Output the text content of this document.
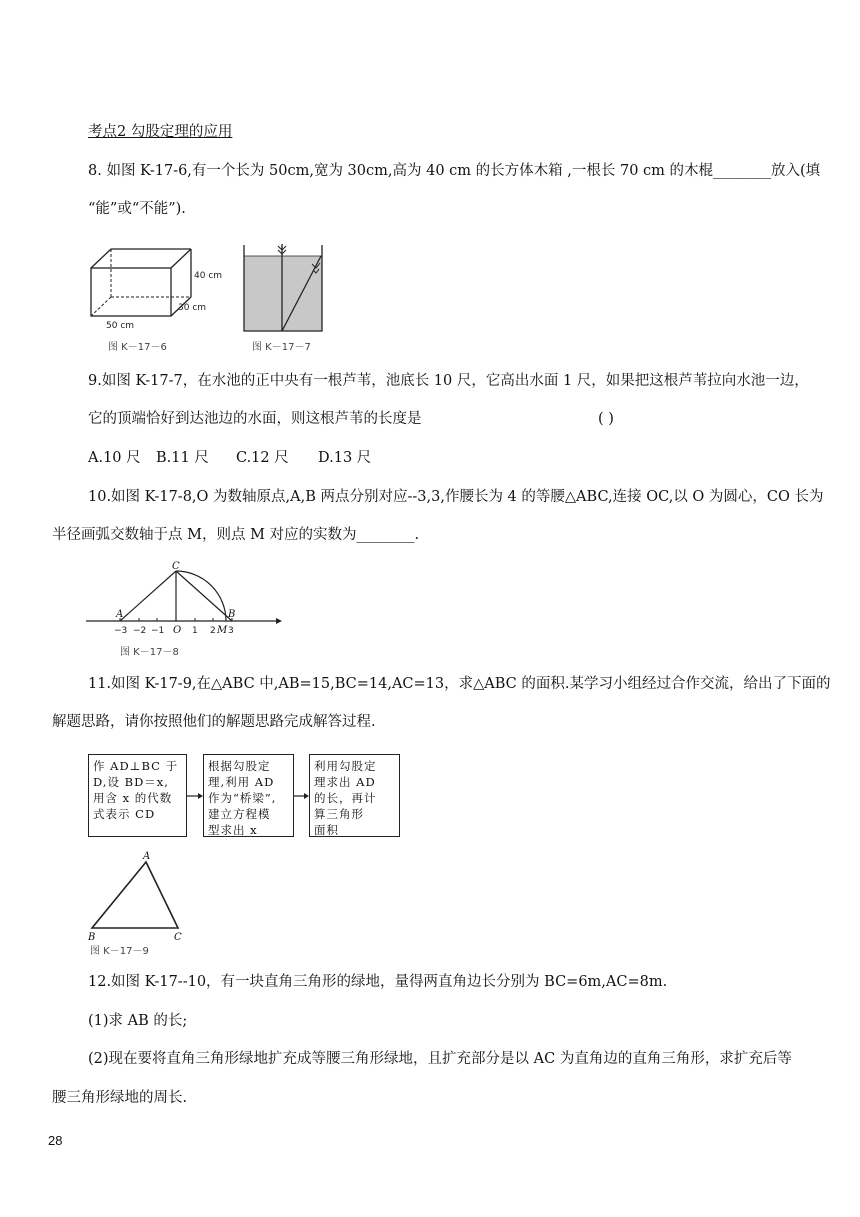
考点2 勾股定理的应用
8. 如图 K-17-6,有一个长为 50cm,宽为 30cm,高为 40 cm 的长方体木箱 ,一根长 70 cm 的木棍________放入(填
“能”或“不能”).
40 cm
30 cm
50 cm
图 K－17－6	图 K－17－7
9.如图 K-17-7，在水池的正中央有一根芦苇，池底长 10 尺，它高出水面 1 尺，如果把这根芦苇拉向水池一边，
它的顶端恰好到达池边的水面，则这根芦苇的长度是	( )
A.10 尺 B.11 尺 C.12 尺 D.13 尺
10.如图 K-17-8,O 为数轴原点,A,B 两点分别对应--3,3,作腰长为 4 的等腰△ABC,连接 OC,以 O 为圆心，CO 长为
半径画弧交数轴于点 M，则点 M 对应的实数为________.
C
A	B
−3 −2 −1 O 1 2 M 3
图 K－17－8
11.如图 K-17-9,在△ABC 中,AB=15,BC=14,AC=13，求△ABC 的面积.某学习小组经过合作交流，给出了下面的
解题思路，请你按照他们的解题思路完成解答过程.
作 AD⊥BC 于
D,设 BD＝x,
用含 x 的代数
式表示 CD
根据勾股定
理,利用 AD
作为“桥梁”,
建立方程模
型求出 x
利用勾股定
理求出 AD
的长，再计
算三角形
面积
A
B	C
图 K－17－9
12.如图 K-17--10，有一块直角三角形的绿地，量得两直角边长分别为 BC=6m,AC=8m.
(1)求 AB 的长;
(2)现在要将直角三角形绿地扩充成等腰三角形绿地，且扩充部分是以 AC 为直角边的直角三角形，求扩充后等
腰三角形绿地的周长.
28
